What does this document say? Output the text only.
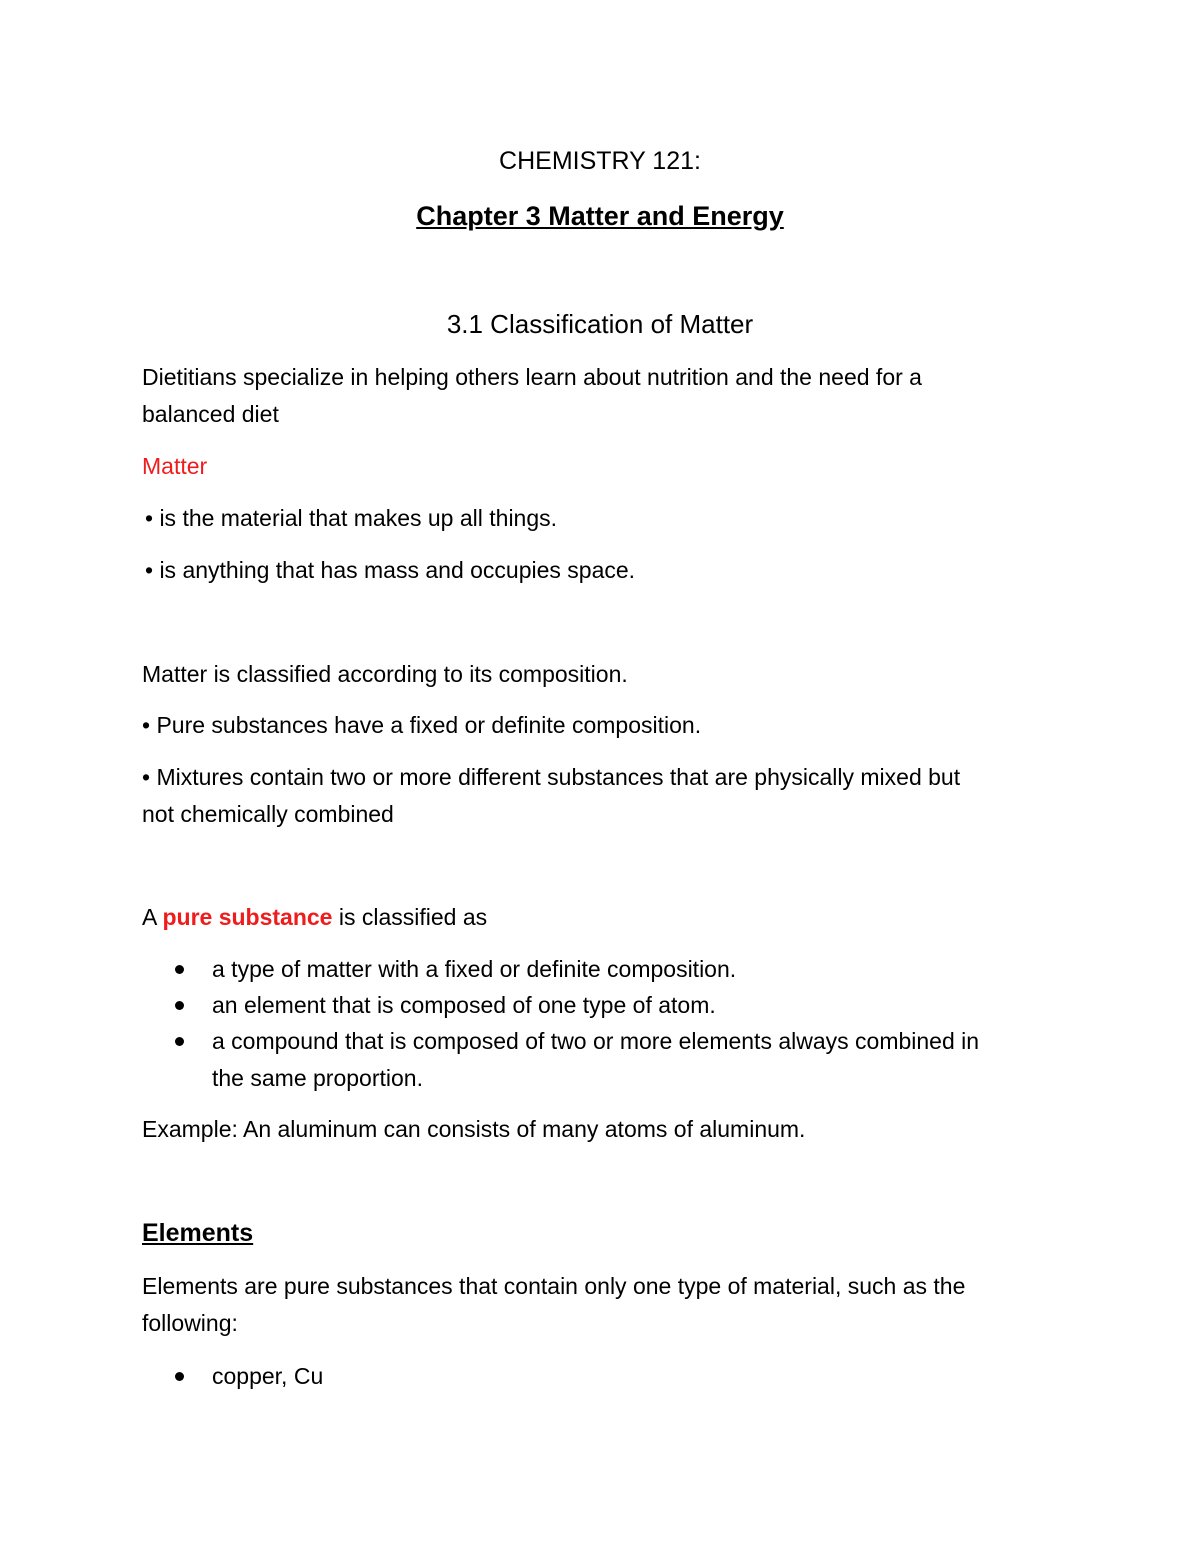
CHEMISTRY 121:
Chapter 3 Matter and Energy
3.1 Classification of Matter
Dietitians specialize in helping others learn about nutrition and the need for a
balanced diet
Matter
• is the material that makes up all things.
• is anything that has mass and occupies space.
Matter is classified according to its composition.
• Pure substances have a fixed or definite composition.
• Mixtures contain two or more different substances that are physically mixed but
not chemically combined
A pure substance is classified as
a type of matter with a fixed or definite composition.
an element that is composed of one type of atom.
a compound that is composed of two or more elements always combined in
the same proportion.
Example: An aluminum can consists of many atoms of aluminum.
Elements
Elements are pure substances that contain only one type of material, such as the
following:
copper, Cu
